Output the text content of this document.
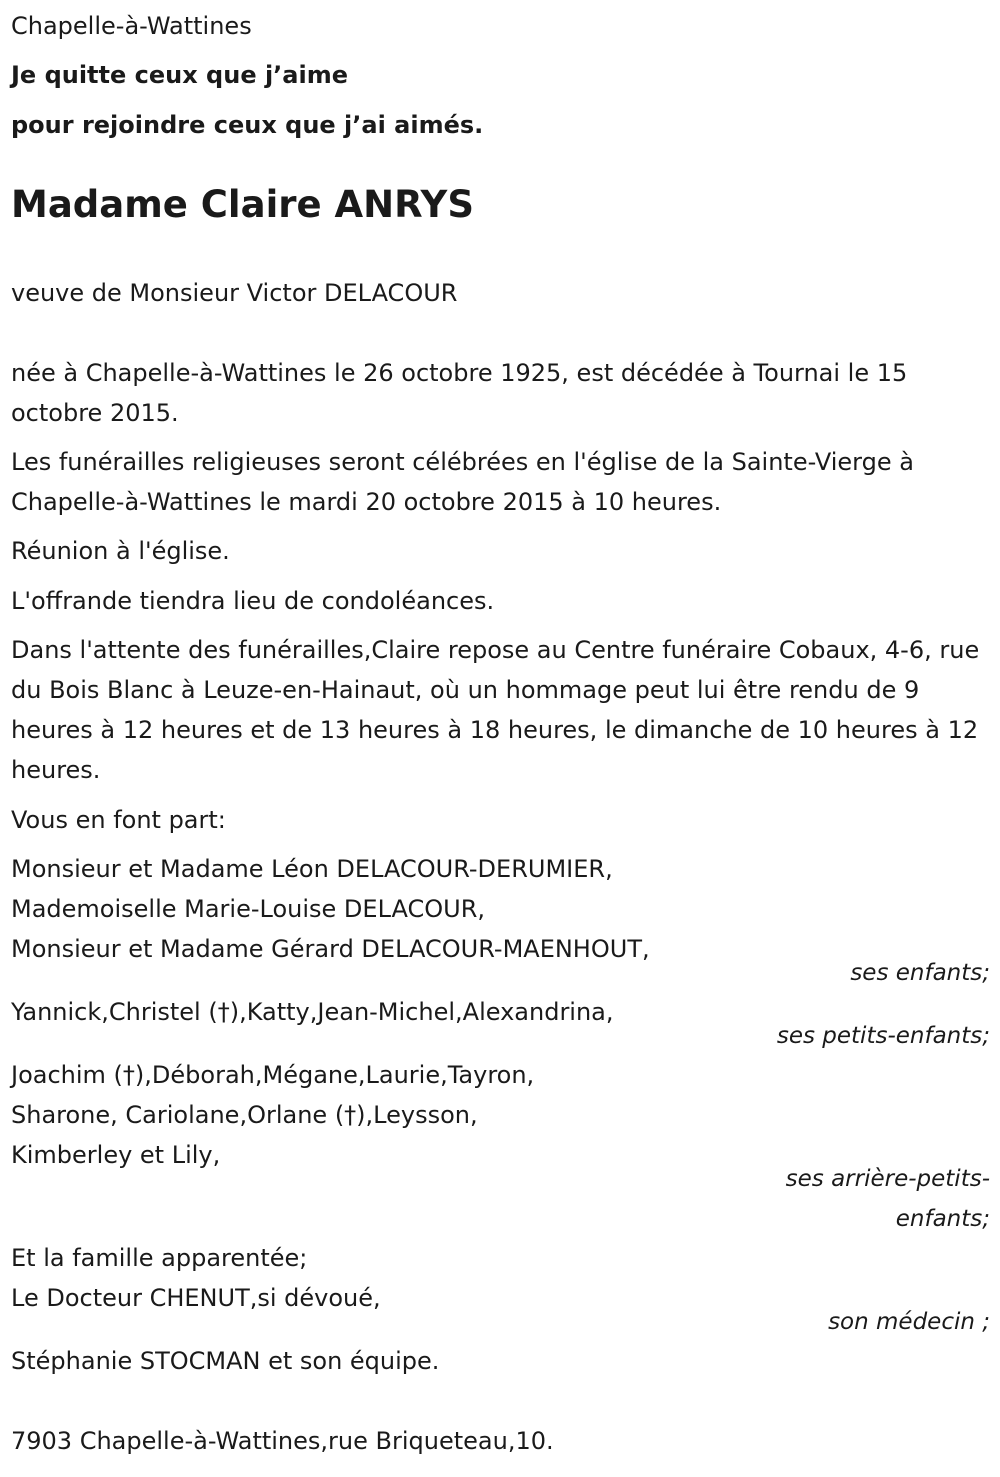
Chapelle-à-Wattines

Je quitte ceux que j’aime

pour rejoindre ceux que j’ai aimés.

Madame Claire ANRYS

veuve de Monsieur Victor DELACOUR

née à Chapelle-à-Wattines le 26 octobre 1925, est décédée à Tournai le 15 octobre 2015.

Les funérailles religieuses seront célébrées en l'église de la Sainte-Vierge à Chapelle-à-Wattines le mardi 20 octobre 2015 à 10 heures.

Réunion à l'église.

L'offrande tiendra lieu de condoléances.

Dans l'attente des funérailles,Claire repose au Centre funéraire Cobaux, 4-6, rue du Bois Blanc à Leuze-en-Hainaut, où un hommage peut lui être rendu de 9 heures à 12 heures et de 13 heures à 18 heures, le dimanche de 10 heures à 12 heures.

Vous en font part:

Monsieur et Madame Léon DELACOUR-DERUMIER,

Mademoiselle Marie-Louise DELACOUR,

Monsieur et Madame Gérard DELACOUR-MAENHOUT,

ses enfants;

Yannick,Christel (†),Katty,Jean-Michel,Alexandrina,

ses petits-enfants;

Joachim (†),Déborah,Mégane,Laurie,Tayron,

Sharone, Cariolane,Orlane (†),Leysson,

Kimberley et Lily,

ses arrière-petits-enfants;

Et la famille apparentée;

Le Docteur CHENUT,si dévoué,

son médecin ;

Stéphanie STOCMAN et son équipe.

7903 Chapelle-à-Wattines,rue Briqueteau,10.
